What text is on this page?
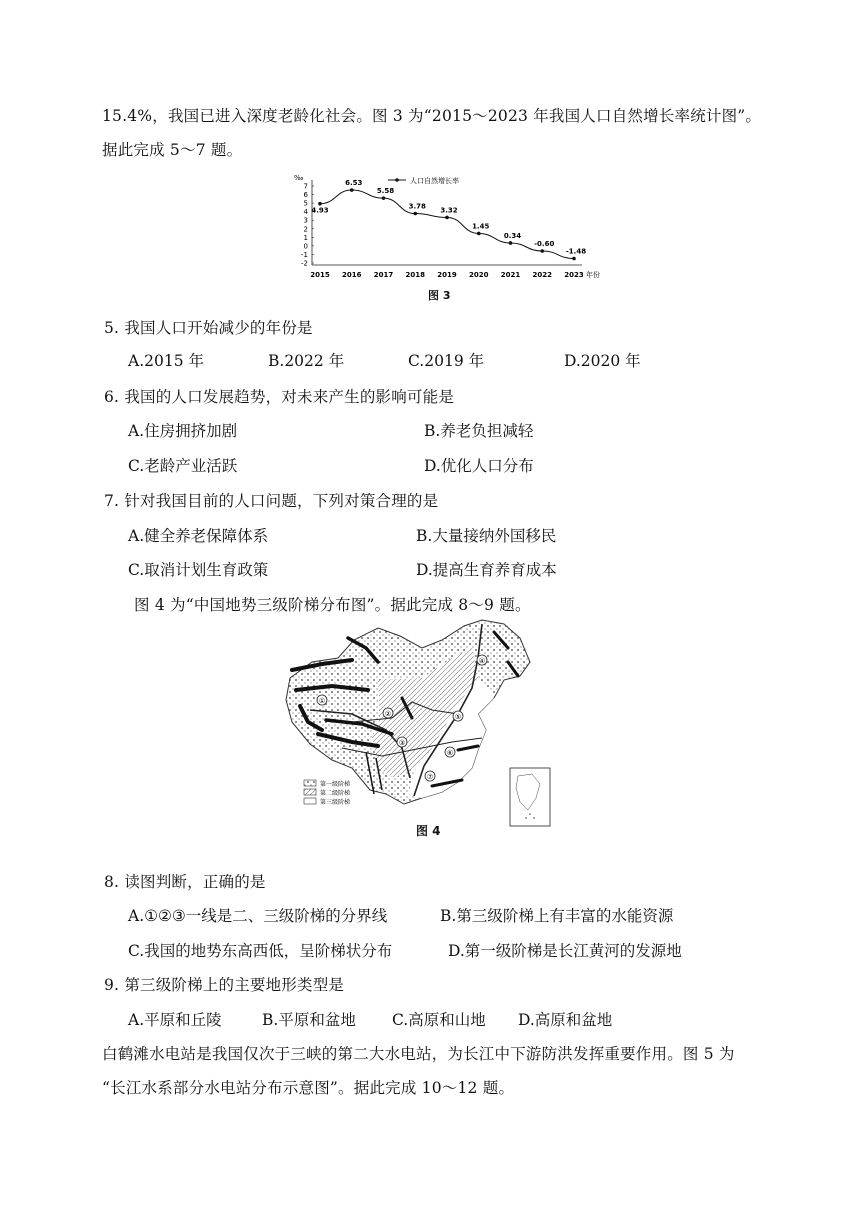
15.4%，我国已进入深度老龄化社会。图 3 为“2015～2023 年我国人口自然增长率统计图”。
据此完成 5～7 题。
‰
7
6
5
4
3
2
1
0
-1
-2
2015 2016 2017 2018 2019 2020 2021 2022 2023 年份
4.93
6.53
5.58
3.78 3.32
1.45
0.34
-0.60
-1.48
人口自然增长率
图 3
5. 我国人口开始减少的年份是
A.2015 年	B.2022 年	C.2019 年	D.2020 年
6. 我国的人口发展趋势，对未来产生的影响可能是
A.住房拥挤加剧	B.养老负担减轻
C.老龄产业活跃	D.优化人口分布
7. 针对我国目前的人口问题，下列对策合理的是
A.健全养老保障体系	B.大量接纳外国移民
C.取消计划生育政策	D.提高生育养育成本
图 4 为“中国地势三级阶梯分布图”。据此完成 8～9 题。
①
②
③
④
⑤
⑥
⑦
第一级阶梯
第二级阶梯
第三级阶梯
图 4
8. 读图判断，正确的是
A.①②③一线是二、三级阶梯的分界线	B.第三级阶梯上有丰富的水能资源
C.我国的地势东高西低，呈阶梯状分布	D.第一级阶梯是长江黄河的发源地
9. 第三级阶梯上的主要地形类型是
A.平原和丘陵	B.平原和盆地 C.高原和山地 D.高原和盆地
白鹤滩水电站是我国仅次于三峡的第二大水电站，为长江中下游防洪发挥重要作用。图 5 为
“长江水系部分水电站分布示意图”。据此完成 10～12 题。
